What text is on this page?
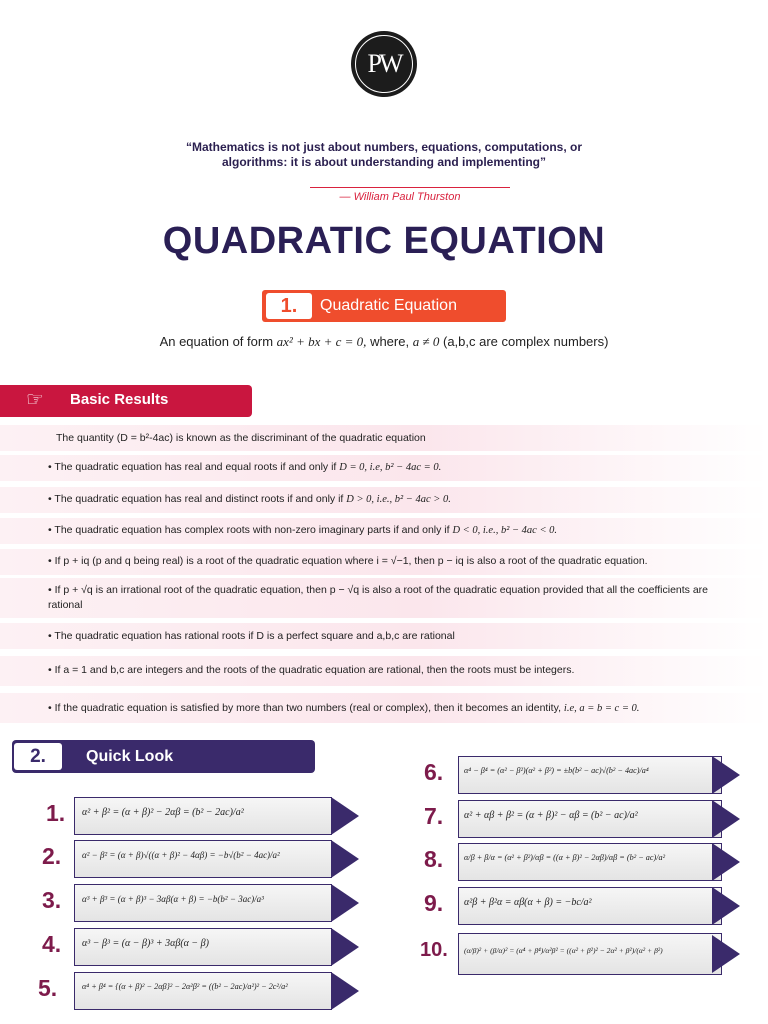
PW
“Mathematics is not just about numbers, equations, computations, or algorithms: it is about understanding and implementing”
— William Paul Thurston
QUADRATIC EQUATION
1.	Quadratic Equation
An equation of form ax² + bx + c = 0, where, a ≠ 0 (a,b,c are complex numbers)
☞ Basic Results
The quantity (D = b²-4ac) is known as the discriminant of the quadratic equation
• The quadratic equation has real and equal roots if and only if D = 0, i.e, b² − 4ac = 0.
• The quadratic equation has real and distinct roots if and only if D > 0, i.e., b² − 4ac > 0.
• The quadratic equation has complex roots with non-zero imaginary parts if and only if D < 0, i.e., b² − 4ac < 0.
• If p + iq (p and q being real) is a root of the quadratic equation where i = √−1, then p − iq is also a root of the quadratic equation.
• If p + √q is an irrational root of the quadratic equation, then p − √q is also a root of the quadratic equation provided that all the coefficients are rational
• The quadratic equation has rational roots if D is a perfect square and a,b,c are rational
• If a = 1 and b,c are integers and the roots of the quadratic equation are rational, then the roots must be integers.
• If the quadratic equation is satisfied by more than two numbers (real or complex), then it becomes an identity, i.e, a = b = c = 0.
2.	Quick Look
1. α² + β² = (α + β)² − 2αβ = (b² − 2ac)/a²
2. α² − β² = (α + β)√((α + β)² − 4αβ) = −b√(b² − 4ac)/a²
3. α³ + β³ = (α + β)³ − 3αβ(α + β) = −b(b² − 3ac)/a³
4. α³ − β³ = (α − β)³ + 3αβ(α − β)
5.	α⁴ + β⁴ = {(α + β)² − 2αβ}² − 2α²β² = ((b² − 2ac)/a²)² − 2c²/a²
6.	α⁴ − β⁴ = (α² − β²)(α² + β²) = ±b(b² − ac)√(b² − 4ac)/a⁴
7. α² + αβ + β² = (α + β)² − αβ = (b² − ac)/a²
8.	α/β + β/α = (α² + β²)/αβ = ((α + β)² − 2αβ)/αβ = (b² − ac)/a²
9. α²β + β²α = αβ(α + β) = −bc/a²
10. (α/β)² + (β/α)² = (α⁴ + β⁴)/α²β² = ((α² + β²)² − 2α² + β²)/(α² + β²)
